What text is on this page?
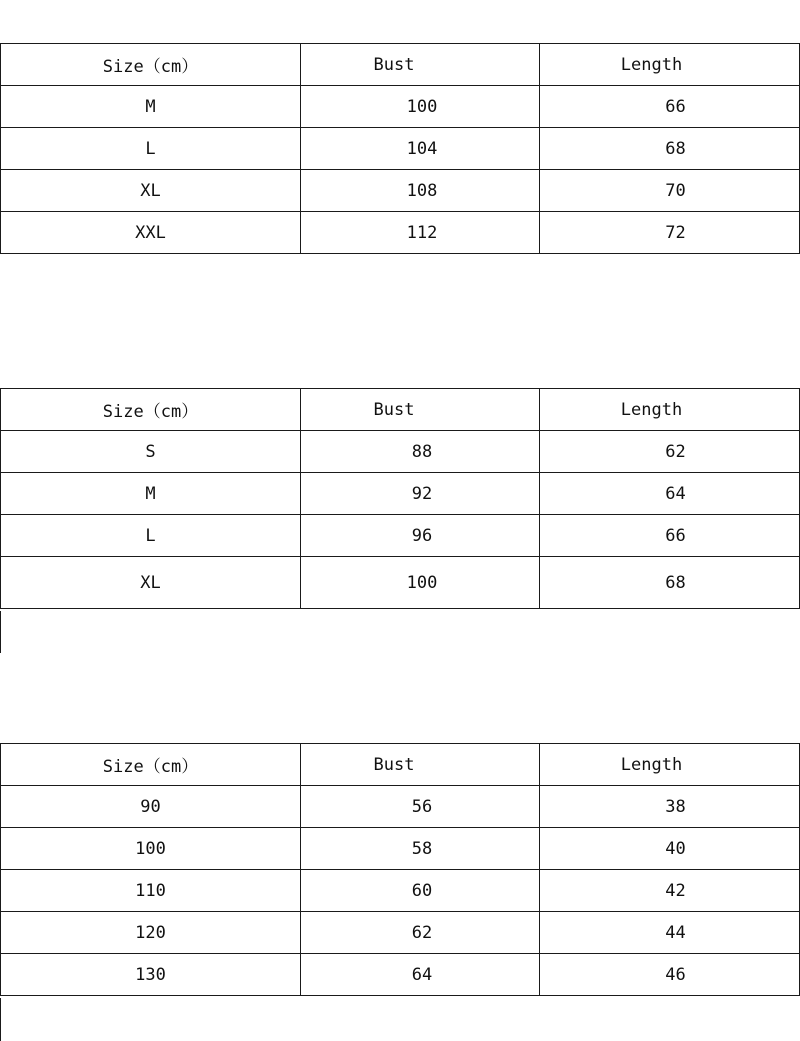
Size（cm）	Bust	Length
M	100	66
L	104	68
XL	108	70
XXL	112	72
Size（cm）	Bust	Length
S	88	62
M	92	64
L	96	66
XL	100	68
Size（cm）	Bust	Length
90	56	38
100	58	40
110	60	42
120	62	44
130	64	46
